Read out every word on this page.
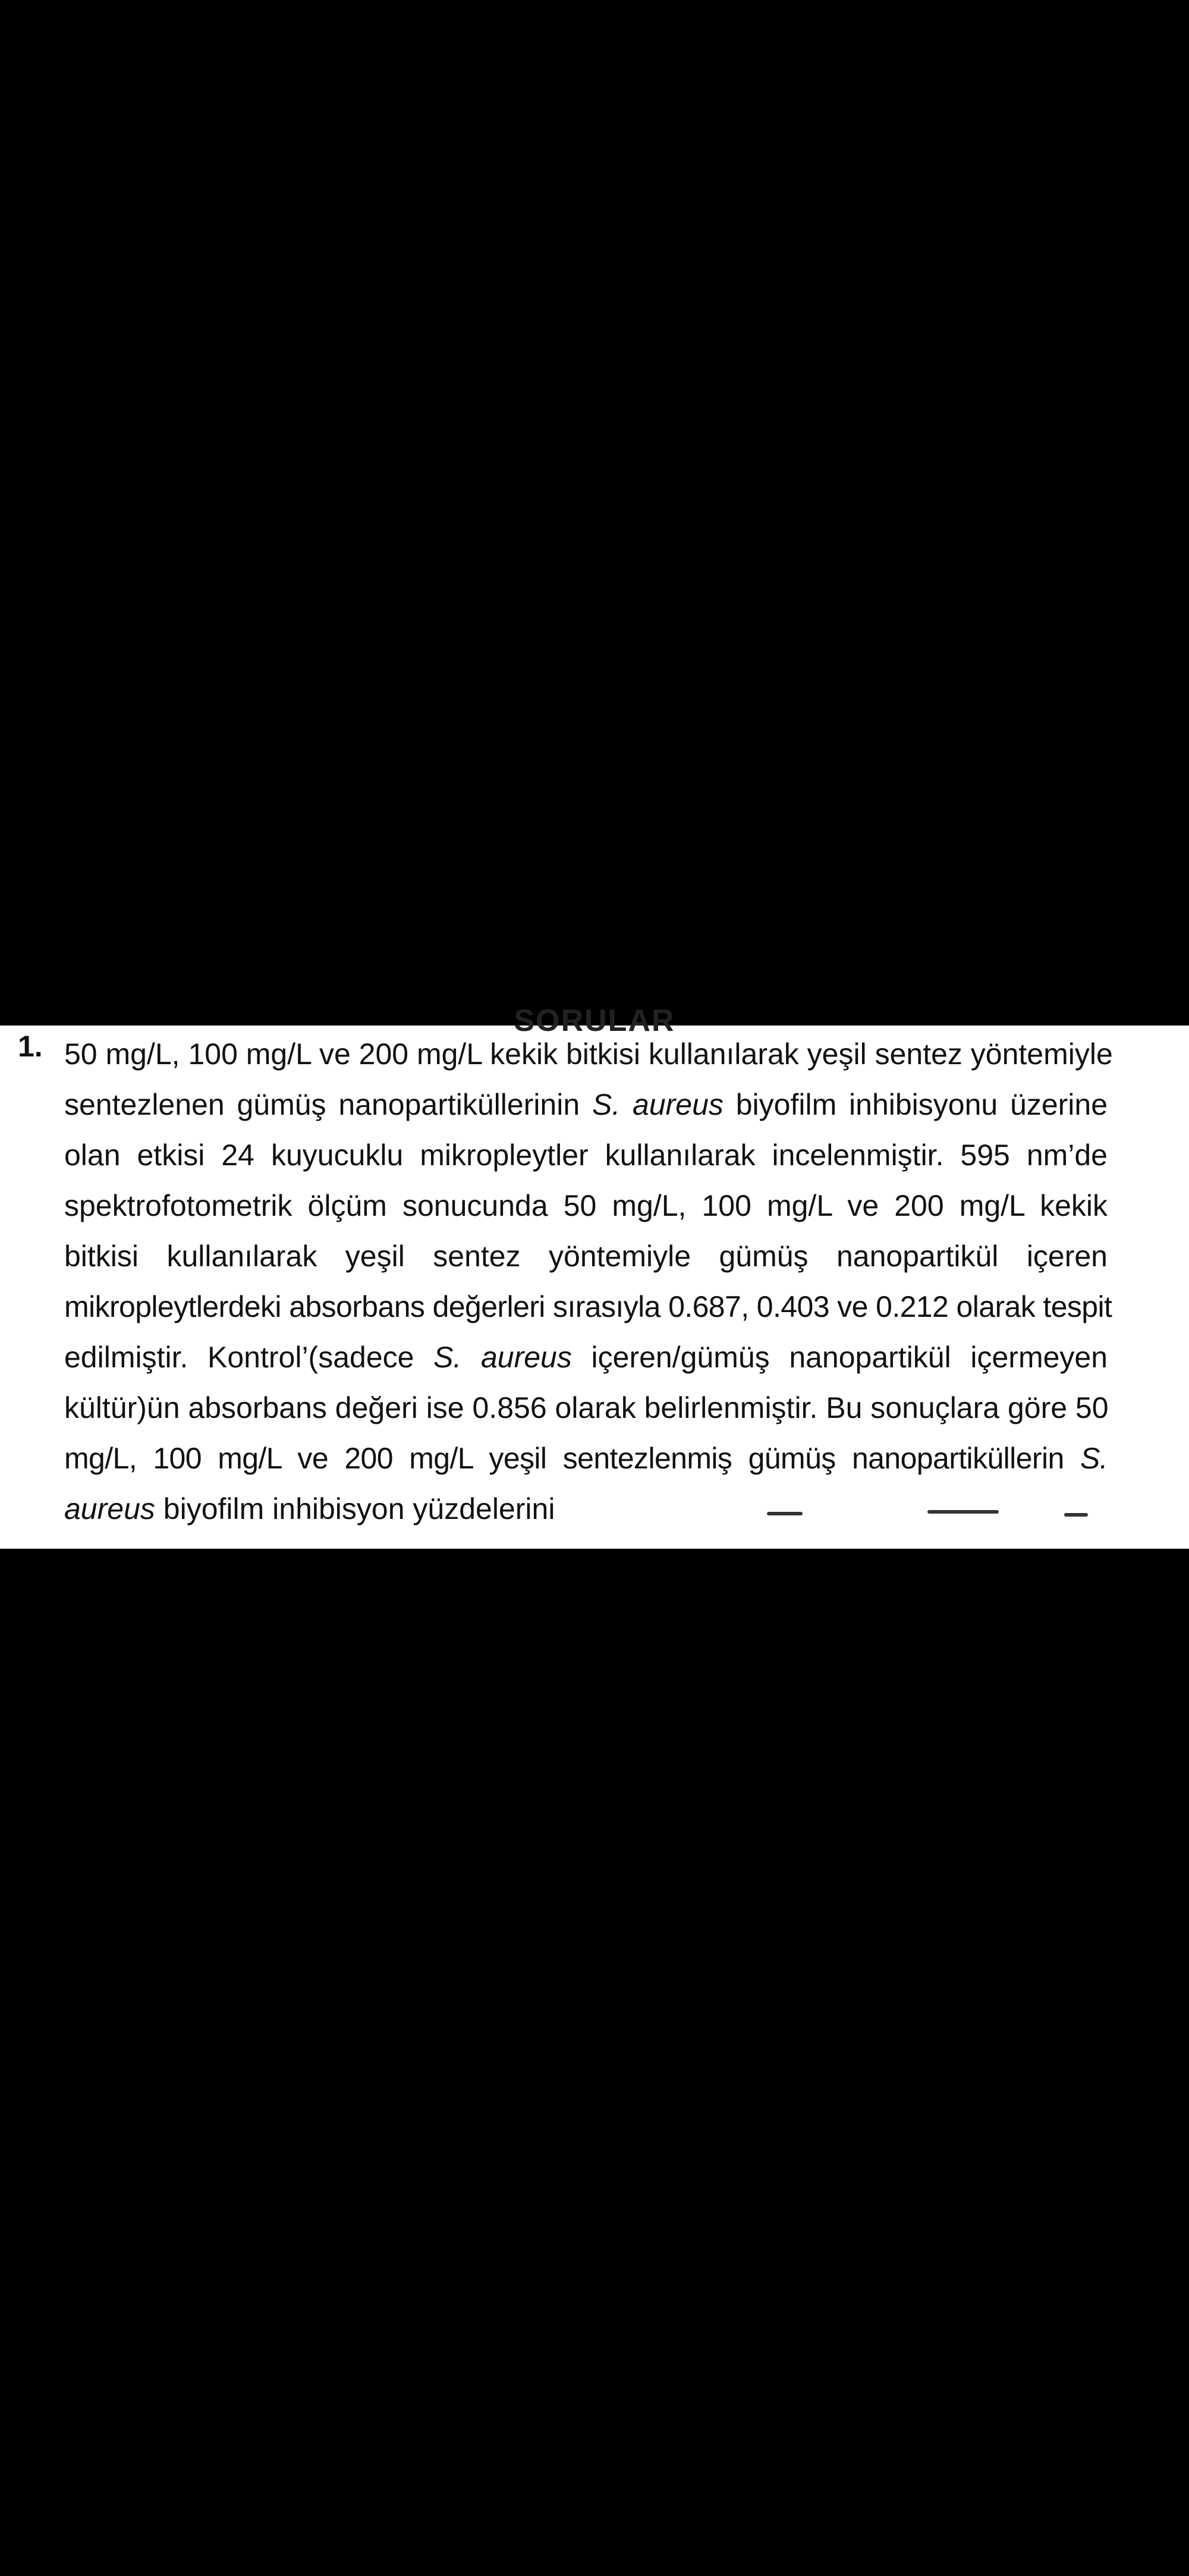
SORULAR
1. 50 mg/L, 100 mg/L ve 200 mg/L kekik bitkisi kullanılarak yeşil sentez yöntemiyle
sentezlenen gümüş nanopartiküllerinin S. aureus biyofilm inhibisyonu üzerine
olan etkisi 24 kuyucuklu mikropleytler kullanılarak incelenmiştir. 595 nm’de
spektrofotometrik ölçüm sonucunda 50 mg/L, 100 mg/L ve 200 mg/L kekik
bitkisi kullanılarak yeşil sentez yöntemiyle gümüş nanopartikül içeren
mikropleytlerdeki absorbans değerleri sırasıyla 0.687, 0.403 ve 0.212 olarak tespit
edilmiştir. Kontrol’(sadece S. aureus içeren/gümüş nanopartikül içermeyen
kültür)ün absorbans değeri ise 0.856 olarak belirlenmiştir. Bu sonuçlara göre 50
mg/L, 100 mg/L ve 200 mg/L yeşil sentezlenmiş gümüş nanopartiküllerin S.
aureus biyofilm inhibisyon yüzdelerini
